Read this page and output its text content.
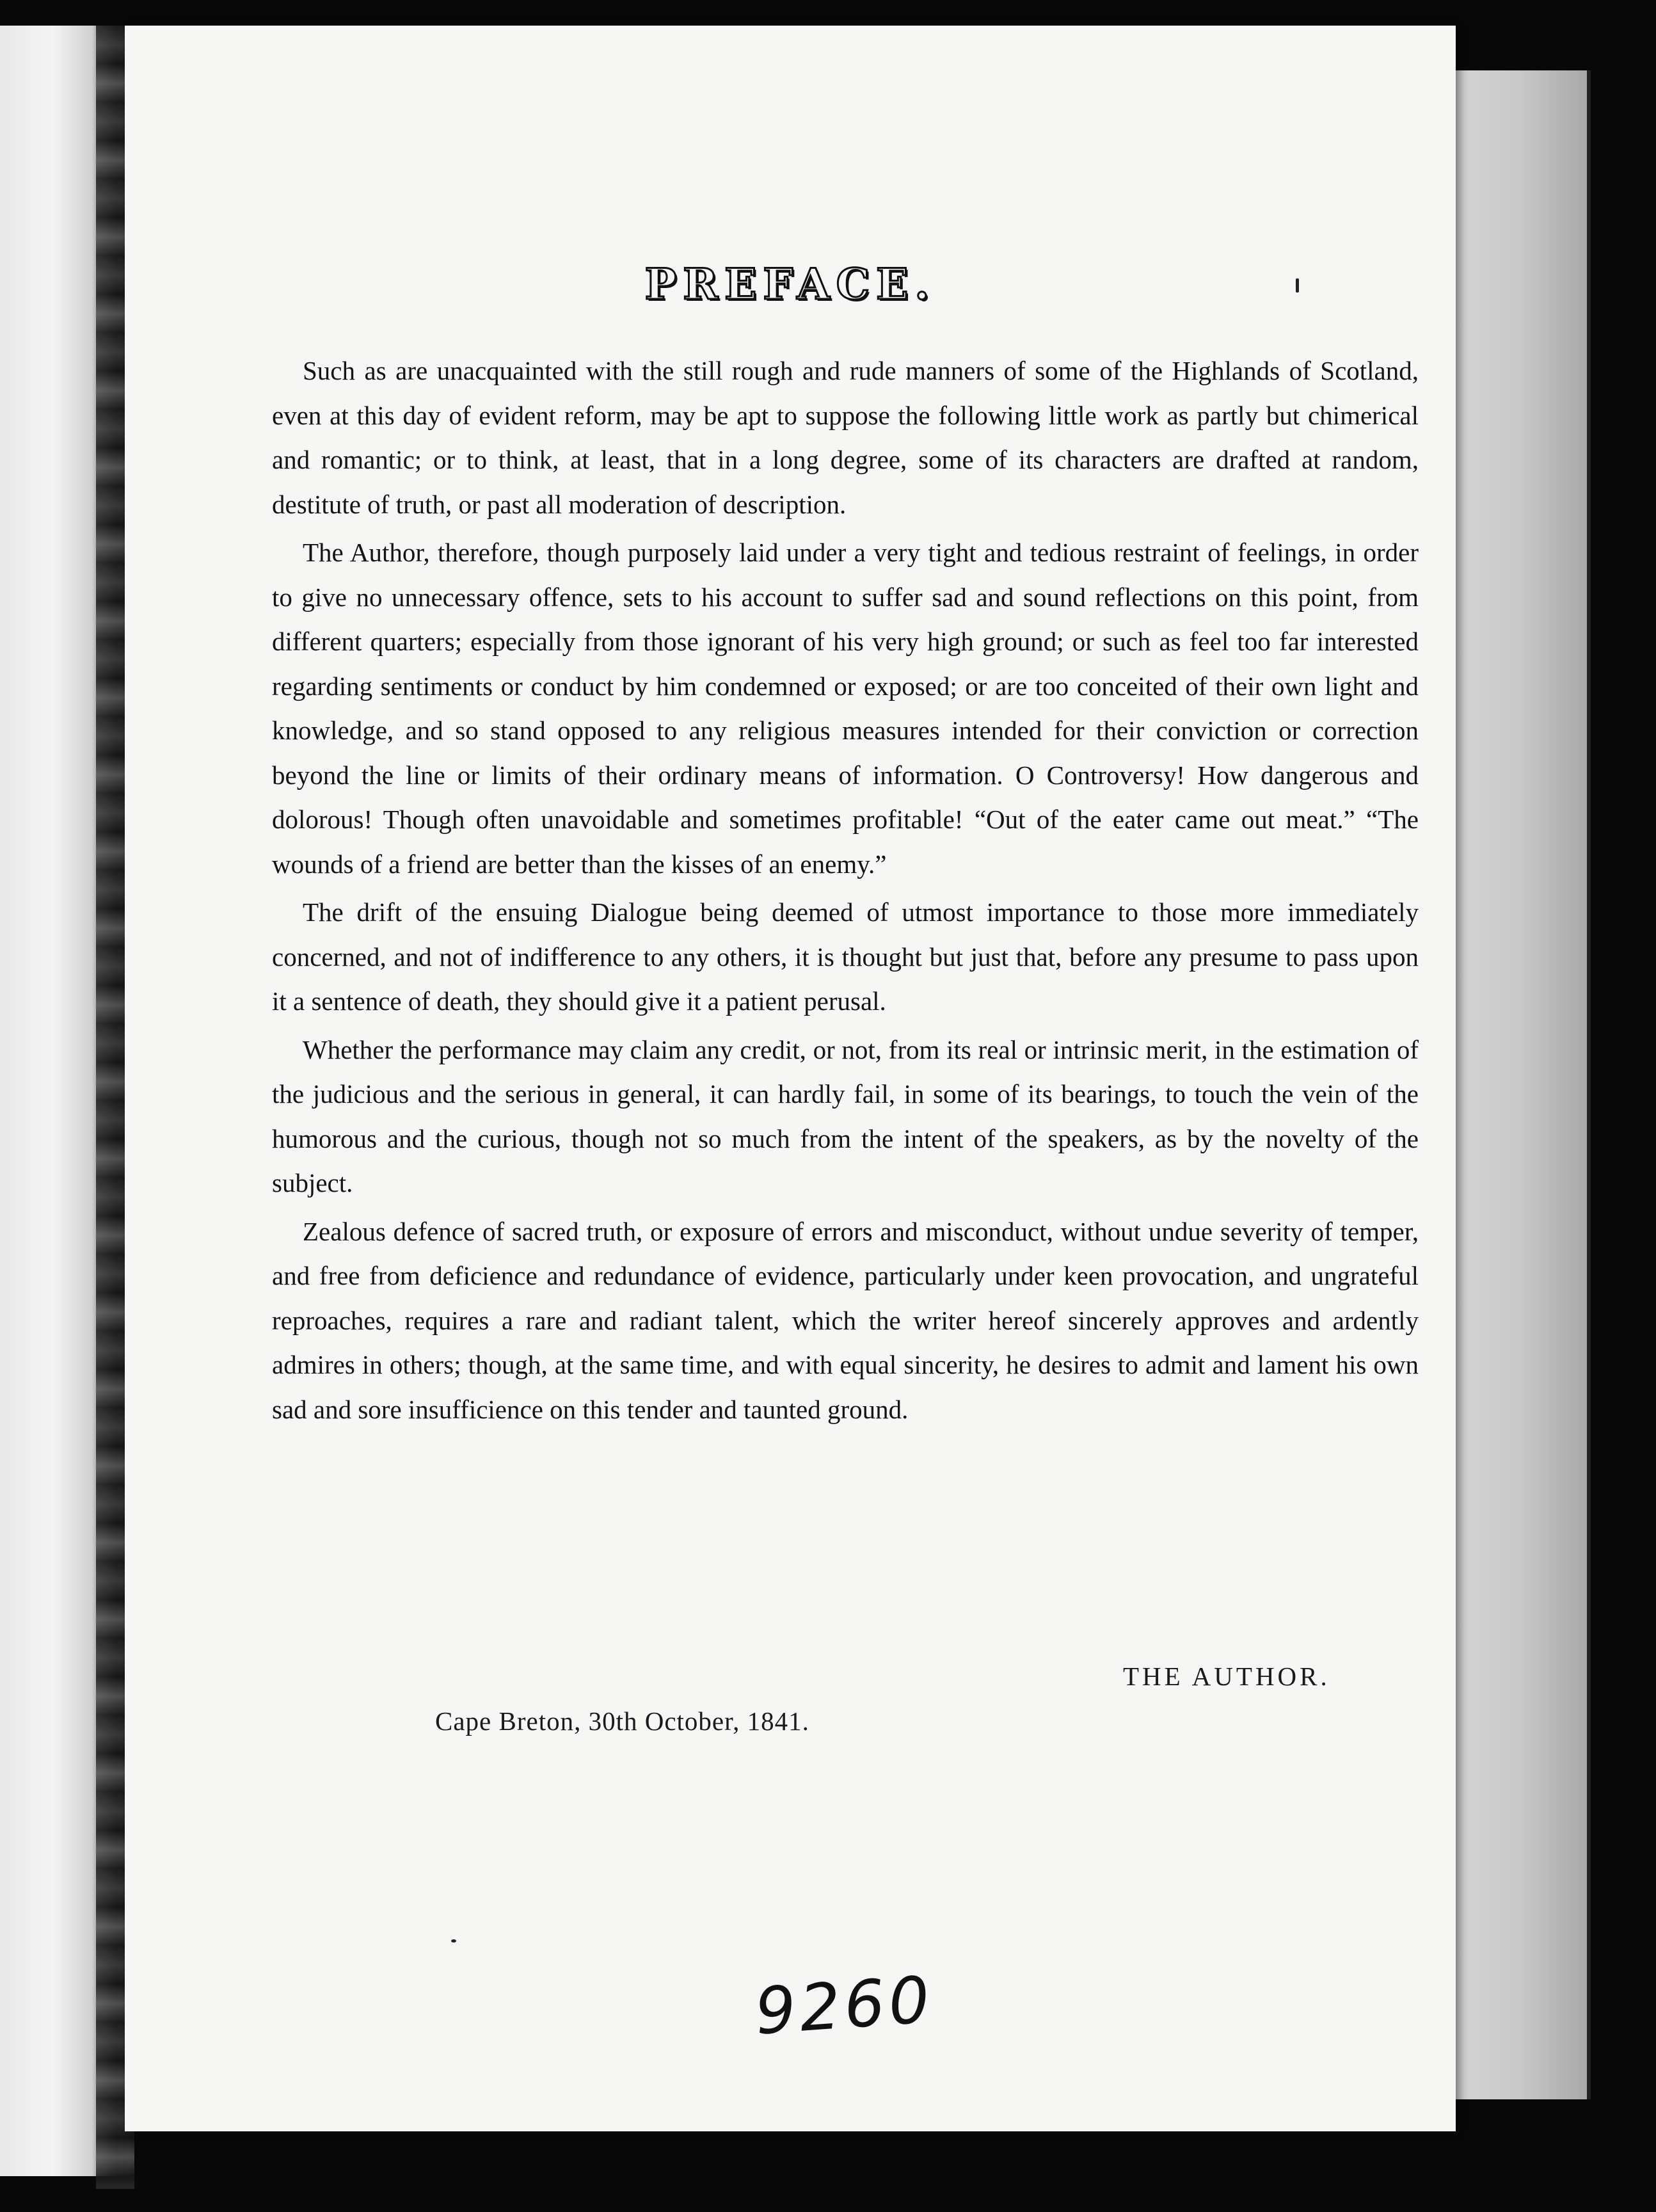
PREFACE.

Such as are unacquainted with the still rough and rude manners of some of the Highlands of Scotland, even at this day of evident reform, may be apt to suppose the following little work as partly but chimerical and romantic; or to think, at least, that in a long degree, some of its characters are drafted at random, destitute of truth, or past all moderation of description.

The Author, therefore, though purposely laid under a very tight and tedious restraint of feelings, in order to give no unnecessary offence, sets to his account to suffer sad and sound reflections on this point, from different quarters; especially from those ignorant of his very high ground; or such as feel too far interested regarding sentiments or conduct by him condemned or exposed; or are too conceited of their own light and knowledge, and so stand opposed to any religious measures intended for their conviction or correction beyond the line or limits of their ordinary means of information. O Controversy! How dangerous and dolorous! Though often unavoidable and sometimes profitable! “Out of the eater came out meat.” “The wounds of a friend are better than the kisses of an enemy.”

The drift of the ensuing Dialogue being deemed of utmost importance to those more immediately concerned, and not of indifference to any others, it is thought but just that, before any presume to pass upon it a sentence of death, they should give it a patient perusal.

Whether the performance may claim any credit, or not, from its real or intrinsic merit, in the estimation of the judicious and the serious in general, it can hardly fail, in some of its bearings, to touch the vein of the humorous and the curious, though not so much from the intent of the speakers, as by the novelty of the subject.

Zealous defence of sacred truth, or exposure of errors and misconduct, without undue severity of temper, and free from deficience and redundance of evidence, particularly under keen provocation, and ungrateful reproaches, requires a rare and radiant talent, which the writer hereof sincerely approves and ardently admires in others; though, at the same time, and with equal sincerity, he desires to admit and lament his own sad and sore insufficience on this tender and taunted ground.

THE AUTHOR.
Cape Breton, 30th October, 1841.
9260
